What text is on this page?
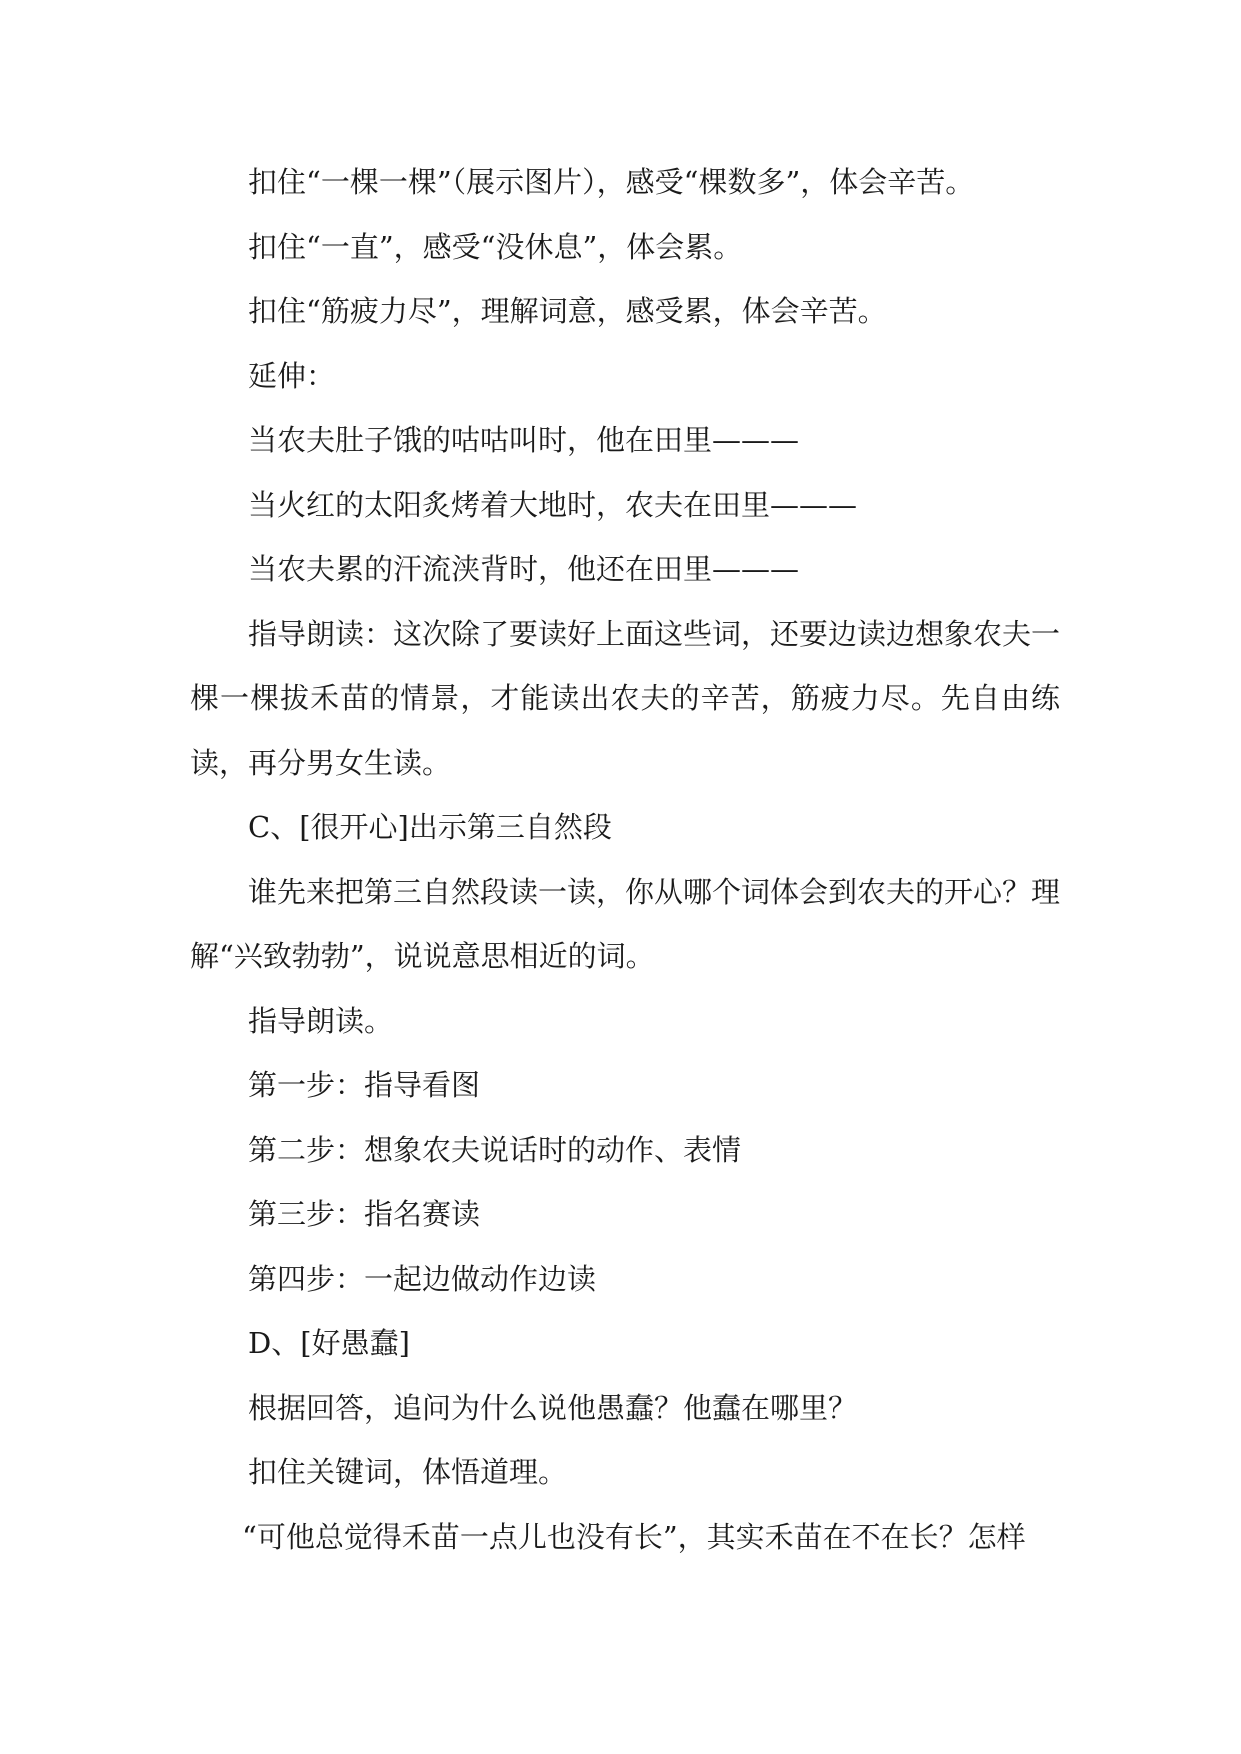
扣住“一棵一棵”（展示图片），感受“棵数多”，体会辛苦。

扣住“一直”，感受“没休息”，体会累。

扣住“筋疲力尽”，理解词意，感受累，体会辛苦。

延伸：

当农夫肚子饿的咕咕叫时，他在田里———

当火红的太阳炙烤着大地时，农夫在田里———

当农夫累的汗流浃背时，他还在田里———

指导朗读：这次除了要读好上面这些词，还要边读边想象农夫一棵一棵拔禾苗的情景，才能读出农夫的辛苦，筋疲力尽。先自由练读，再分男女生读。

C、[很开心]出示第三自然段

谁先来把第三自然段读一读，你从哪个词体会到农夫的开心？理解“兴致勃勃”，说说意思相近的词。

指导朗读。

第一步：指导看图

第二步：想象农夫说话时的动作、表情

第三步：指名赛读

第四步：一起边做动作边读

D、[好愚蠢]

根据回答，追问为什么说他愚蠢？他蠢在哪里？

扣住关键词，体悟道理。

“可他总觉得禾苗一点儿也没有长”，其实禾苗在不在长？怎样
